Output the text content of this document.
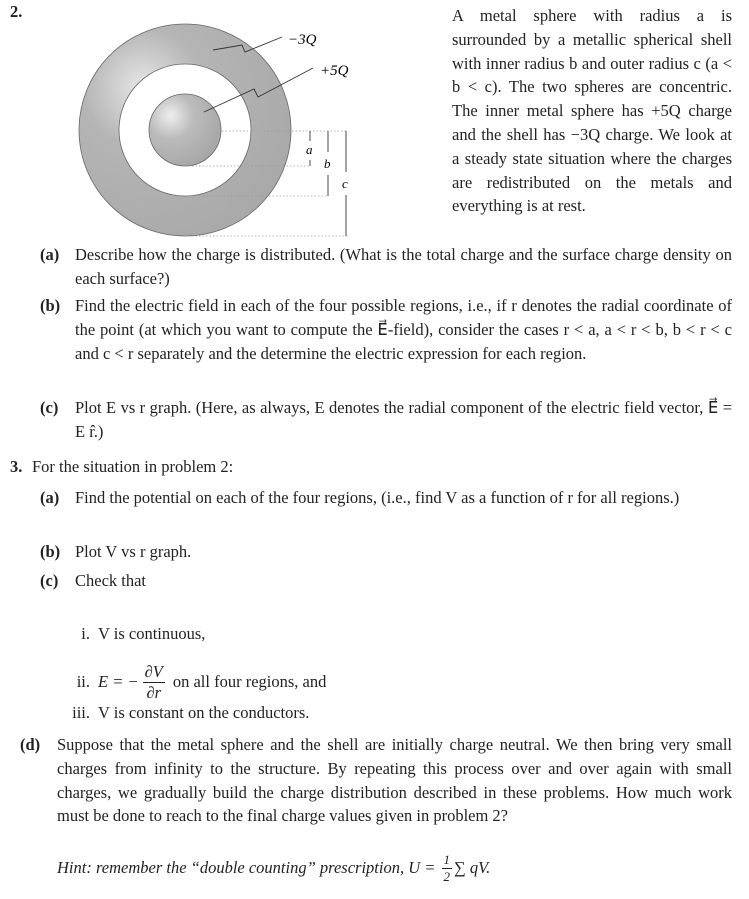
2.
−3Q
+5Q
a
b
c
A metal sphere with radius a is surrounded by a metallic spherical shell with inner radius b and outer radius c (a < b < c). The two spheres are concentric. The inner metal sphere has +5Q charge and the shell has −3Q charge. We look at a steady state situation where the charges are redistributed on the metals and everything is at rest.
(a) Describe how the charge is distributed. (What is the total charge and the surface charge density on each surface?)
(b) Find the electric field in each of the four possible regions, i.e., if r denotes the radial coordinate of the point (at which you want to compute the E⃗-field), consider the cases r < a, a < r < b, b < r < c and c < r separately and the determine the electric expression for each region.
(c) Plot E vs r graph. (Here, as always, E denotes the radial component of the electric field vector, E⃗ = E r̂.)
3. For the situation in problem 2:
(a) Find the potential on each of the four regions, (i.e., find V as a function of r for all regions.)
(b) Plot V vs r graph.
(c) Check that
i. V is continuous,
ii. E = − $\frac{\partial V}{\partial r}$ on all four regions, and
iii. V is constant on the conductors.
(d) Suppose that the metal sphere and the shell are initially charge neutral. We then bring very small charges from infinity to the structure. By repeating this process over and over again with small charges, we gradually build the charge distribution described in these problems. How much work must be done to reach to the final charge values given in problem 2?
Hint: remember the “double counting” prescription, $U = \frac{1}{2}$ ∑ qV.
